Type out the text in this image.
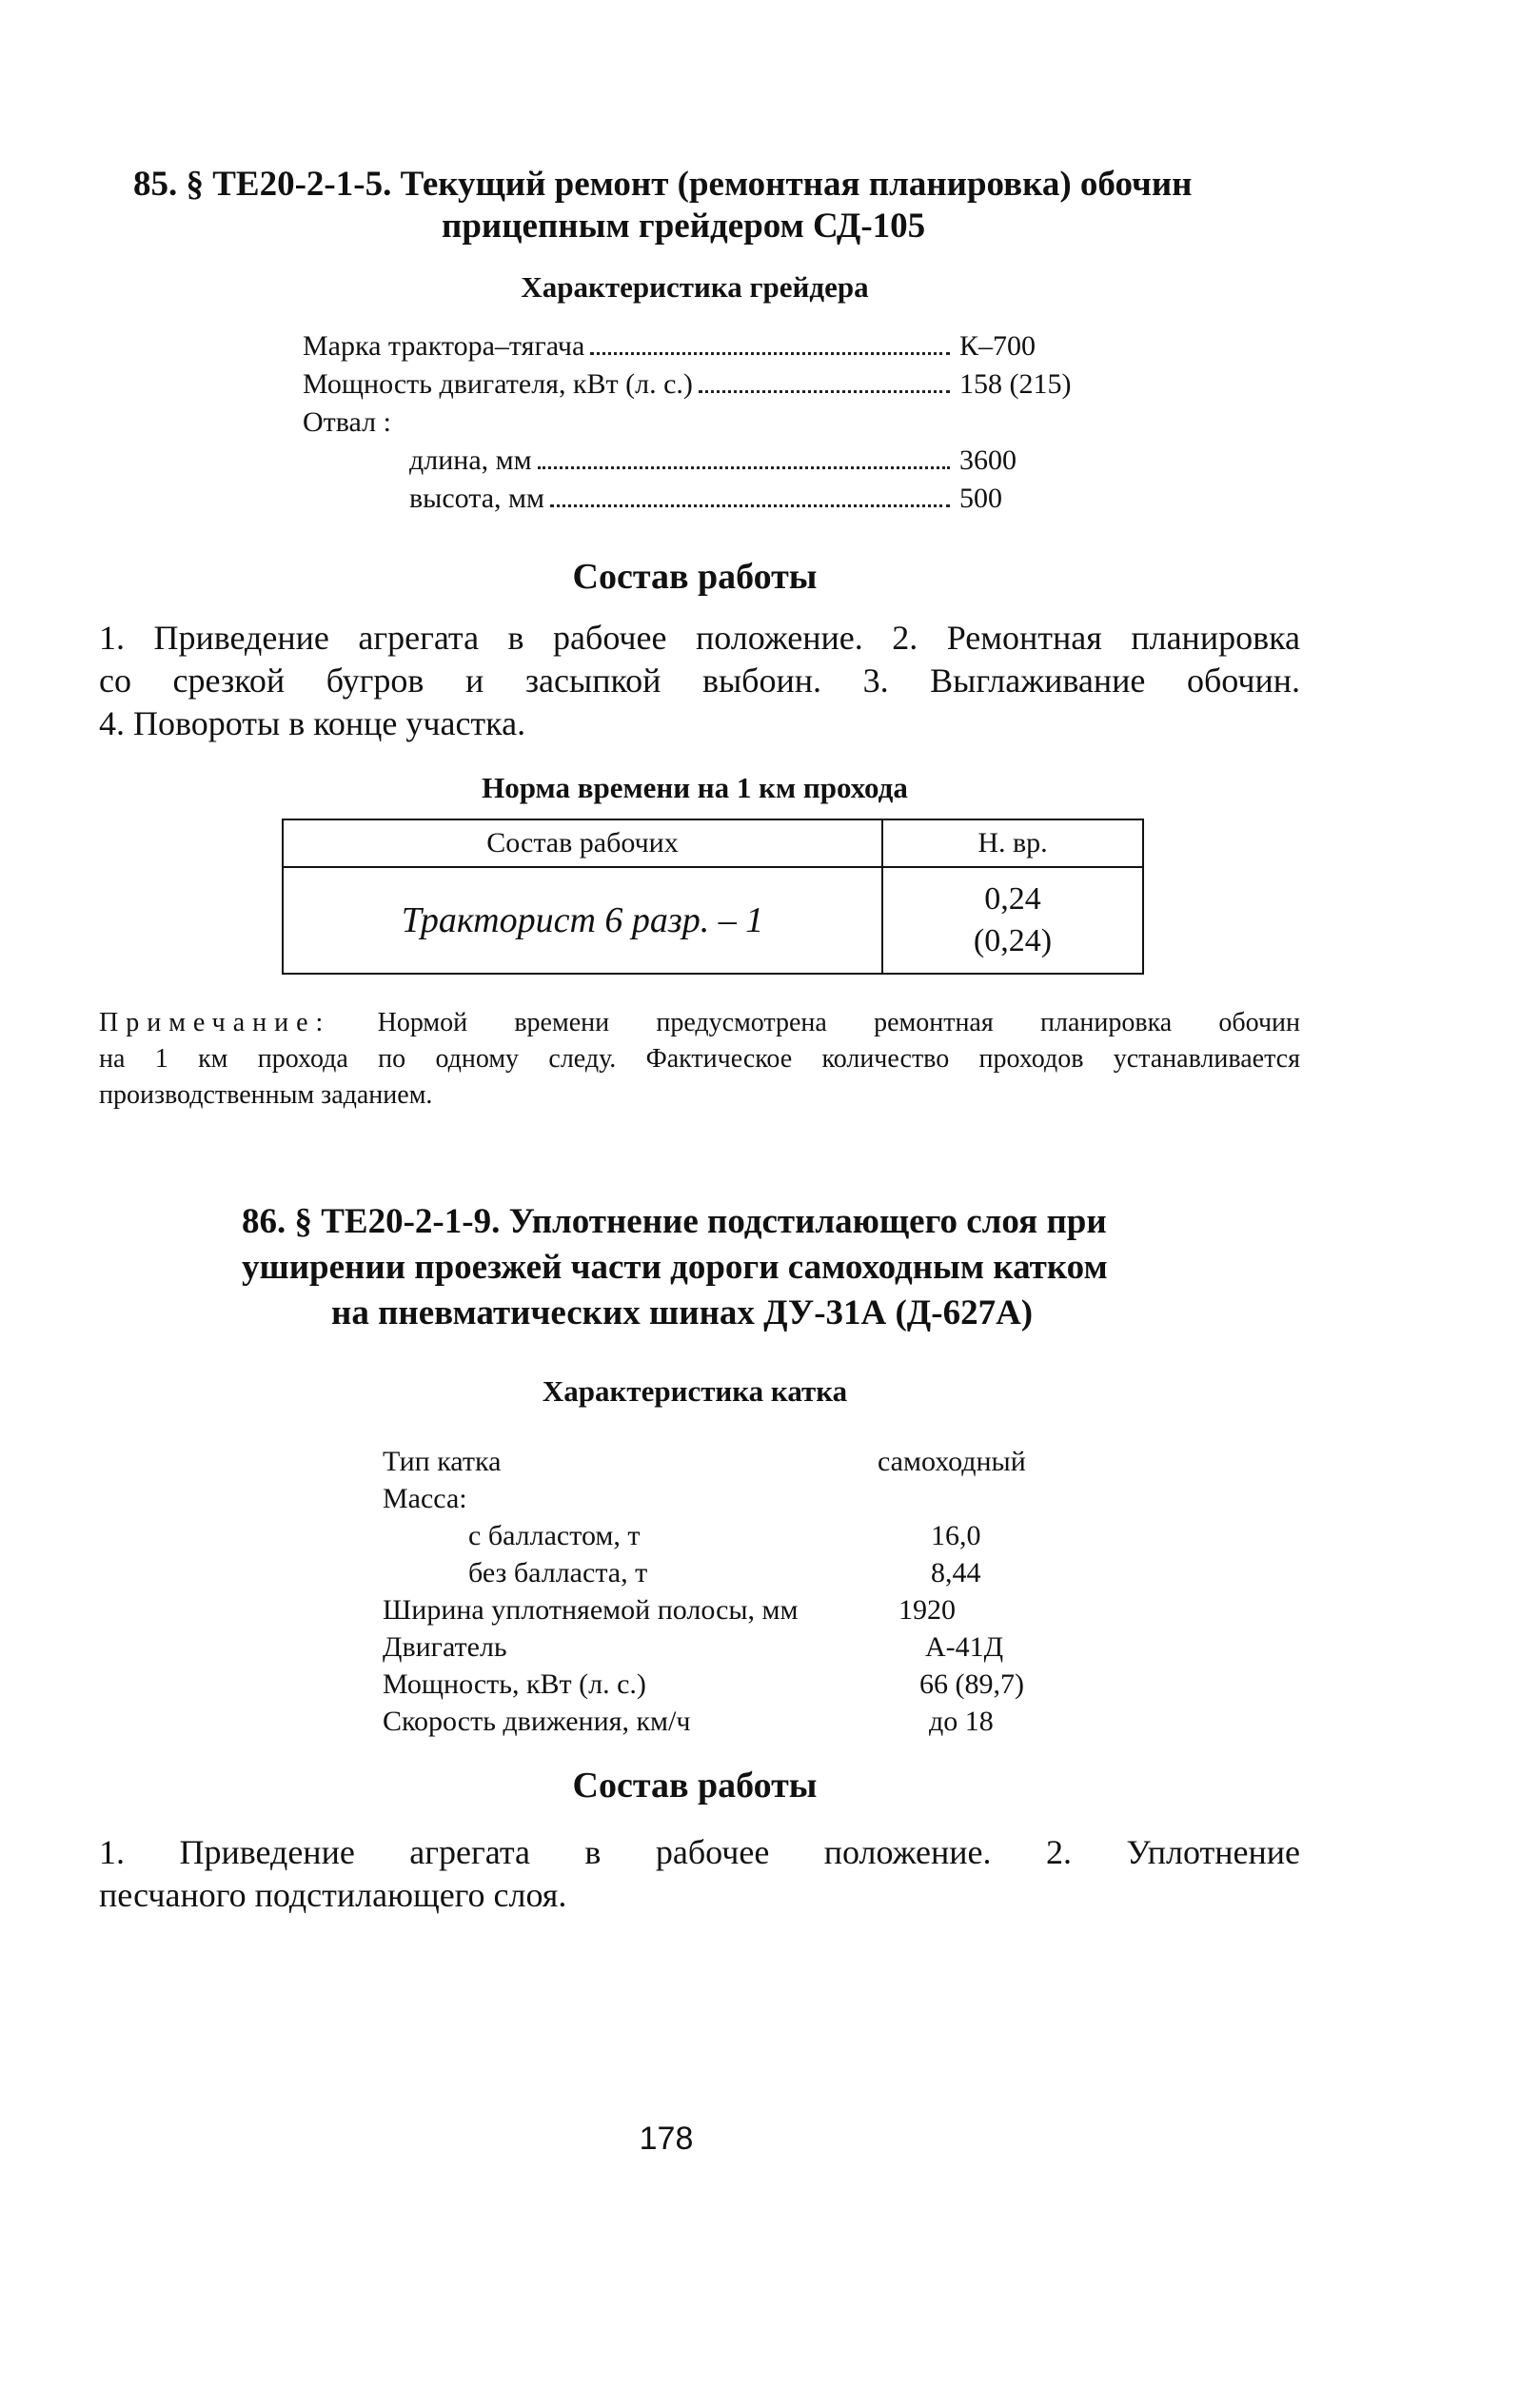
85. § ТЕ20-2-1-5. Текущий ремонт (ремонтная планировка) обочин
прицепным грейдером СД-105
Характеристика грейдера
Марка трактора–тягача	К–700
Мощность двигателя, кВт (л. с.)	158 (215)
Отвал :
длина, мм	3600
высота, мм	500
Состав работы
1. Приведение агрегата в рабочее положение. 2. Ремонтная планировка
со срезкой бугров и засыпкой выбоин. 3. Выглаживание обочин.
4. Повороты в конце участка.
Норма времени на 1 км прохода
Состав рабочих	Н. вр.
Тракторист 6 разр. – 1	0,24
(0,24)
Примечание: Нормой времени предусмотрена ремонтная планировка обочин
на 1 км прохода по одному следу. Фактическое количество проходов устанавливается
производственным заданием.
86. § ТЕ20-2-1-9. Уплотнение подстилающего слоя при
уширении проезжей части дороги самоходным катком
на пневматических шинах ДУ-31А (Д-627А)
Характеристика катка
Тип катка	самоходный
Масса:
с балластом, т	16,0
без балласта, т	8,44
Ширина уплотняемой полосы, мм	1920
Двигатель	А-41Д
Мощность, кВт (л. с.)	66 (89,7)
Скорость движения, км/ч	до 18
Состав работы
1. Приведение агрегата в рабочее положение. 2. Уплотнение
песчаного подстилающего слоя.
178
